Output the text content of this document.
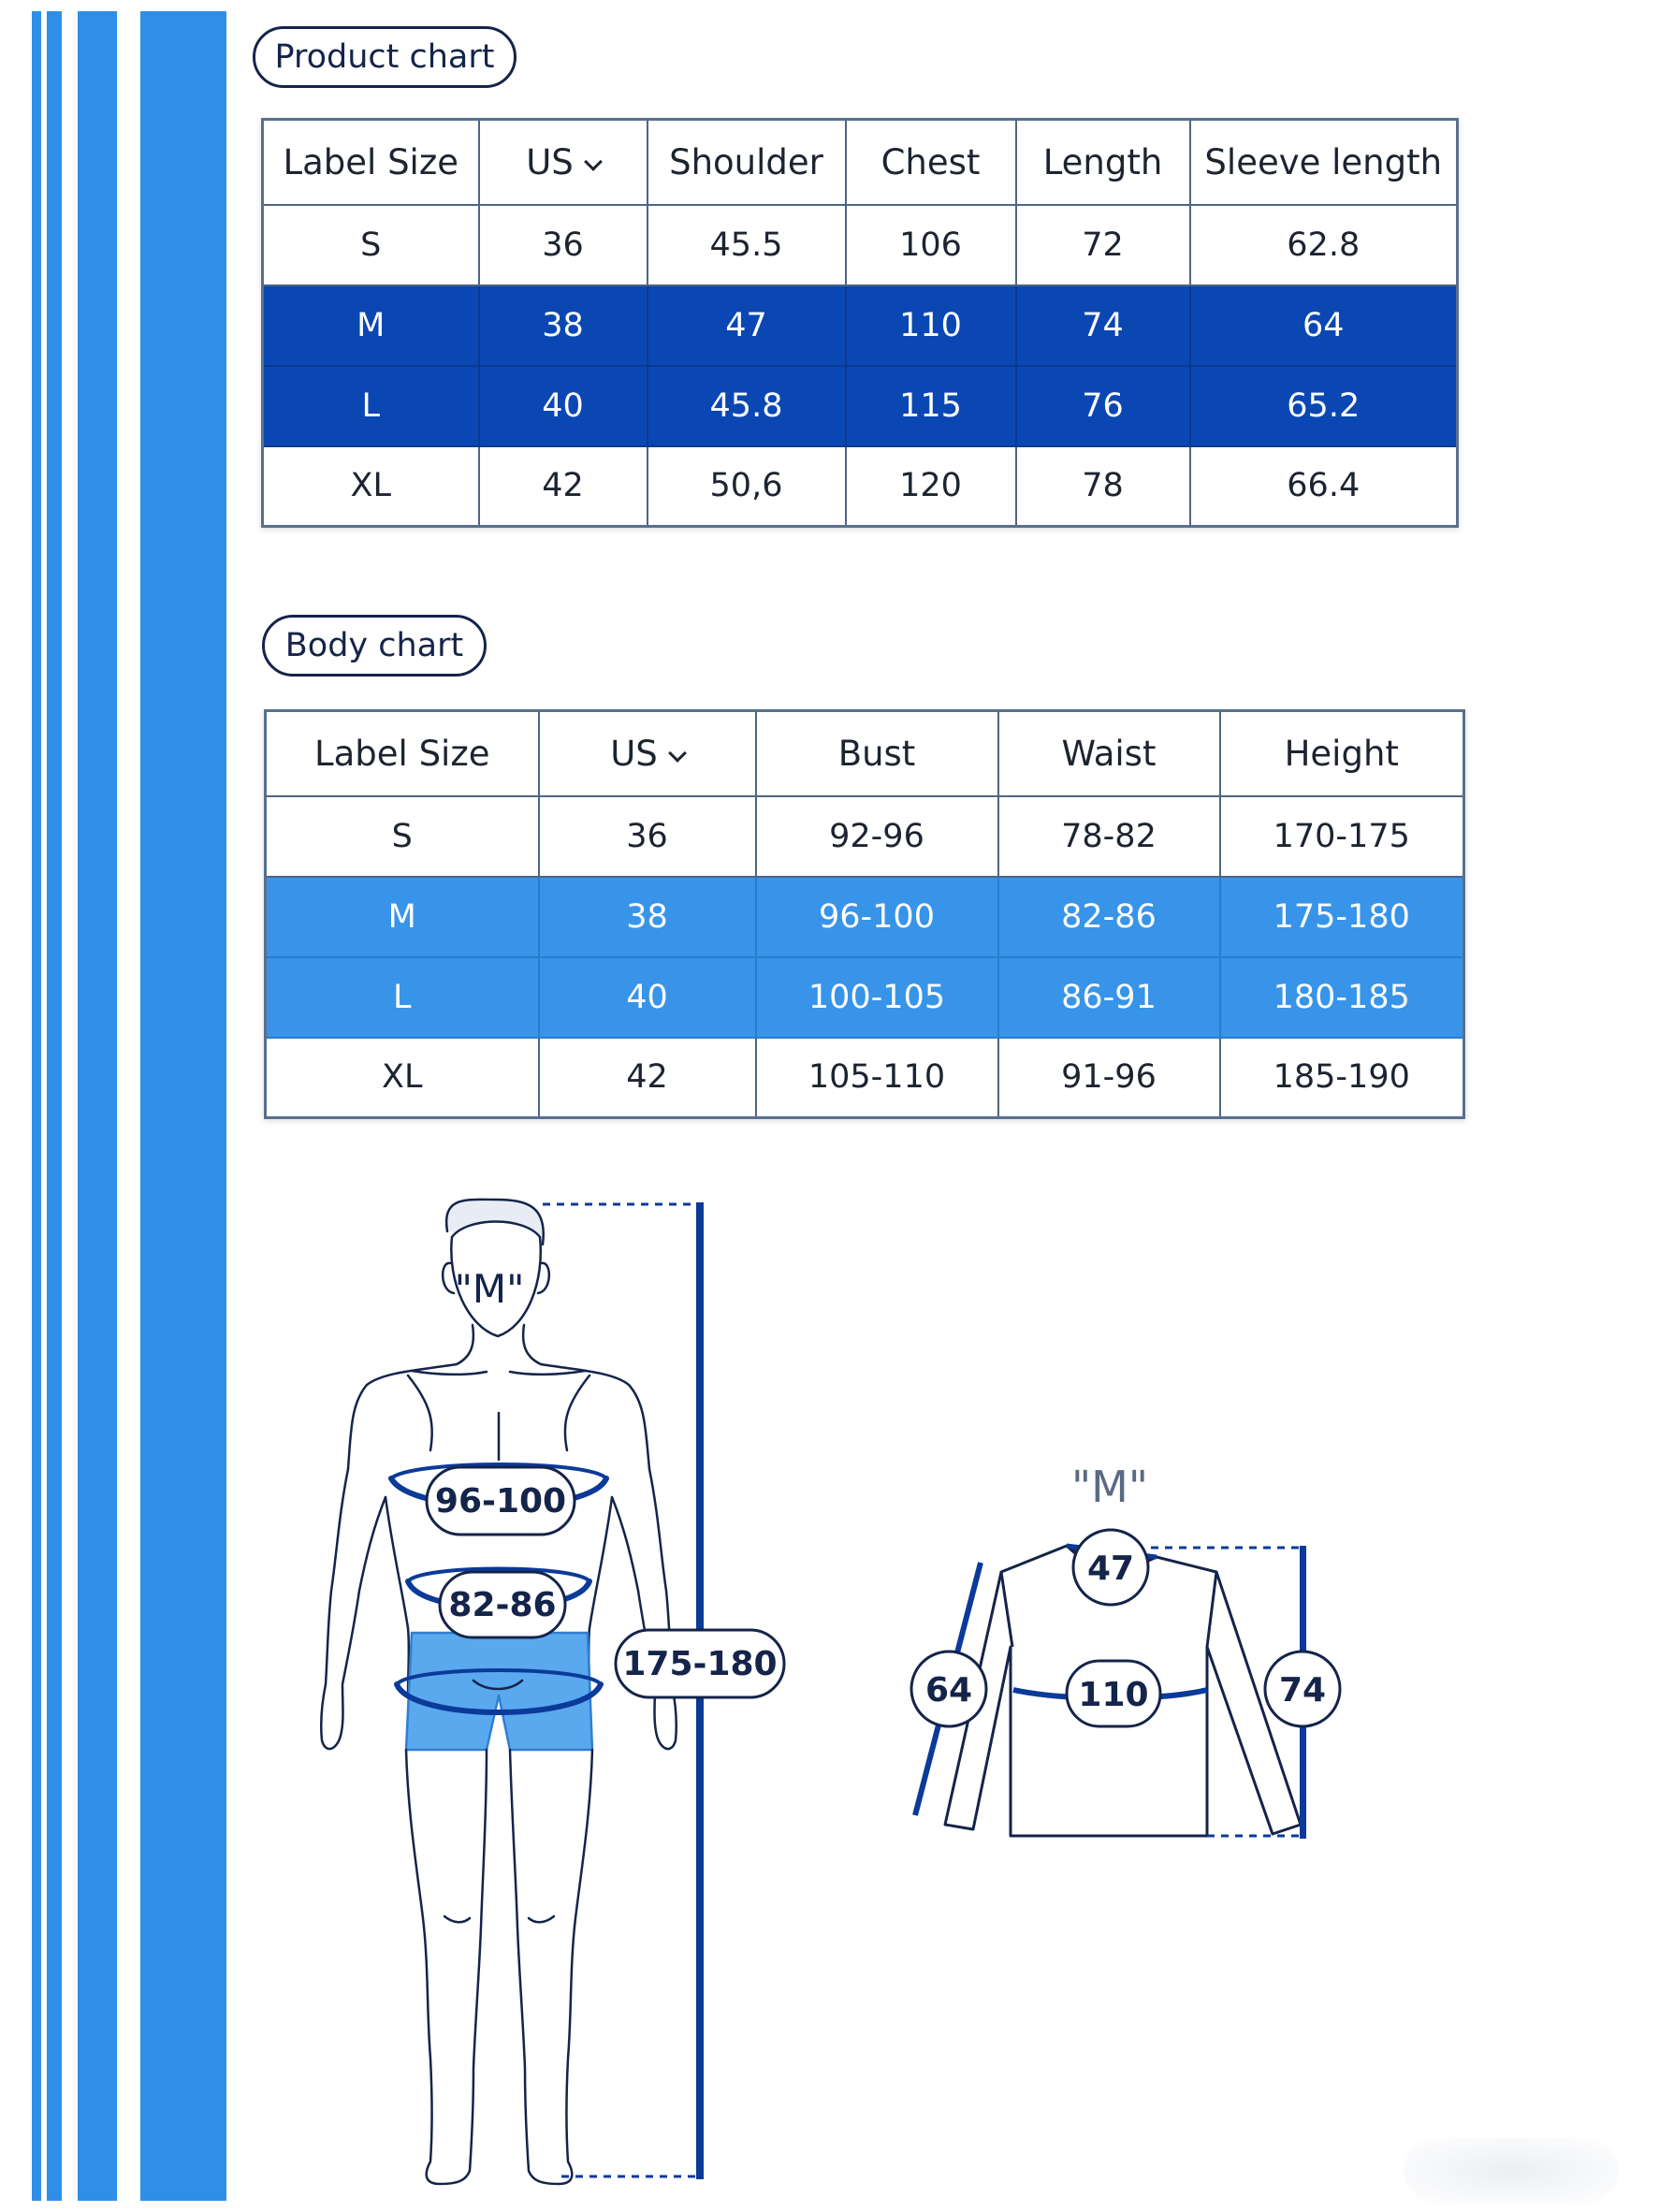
Product chart
Label Size	US	Shoulder	Chest	Length	Sleeve length
S	36	45.5	106	72	62.8
M	38	47	110	74	64
L	40	45.8	115	76	65.2
XL	42	50,6	120	78	66.4
Body chart
Label Size	US	Bust	Waist	Height
S	36	92-96	78-82	170-175
M	38	96-100	82-86	175-180
L	40	100-105	86-91	180-185
XL	42	105-110	91-96	185-190
"M"
96-100
82-86
175-180
"M"
47
110
64	74
